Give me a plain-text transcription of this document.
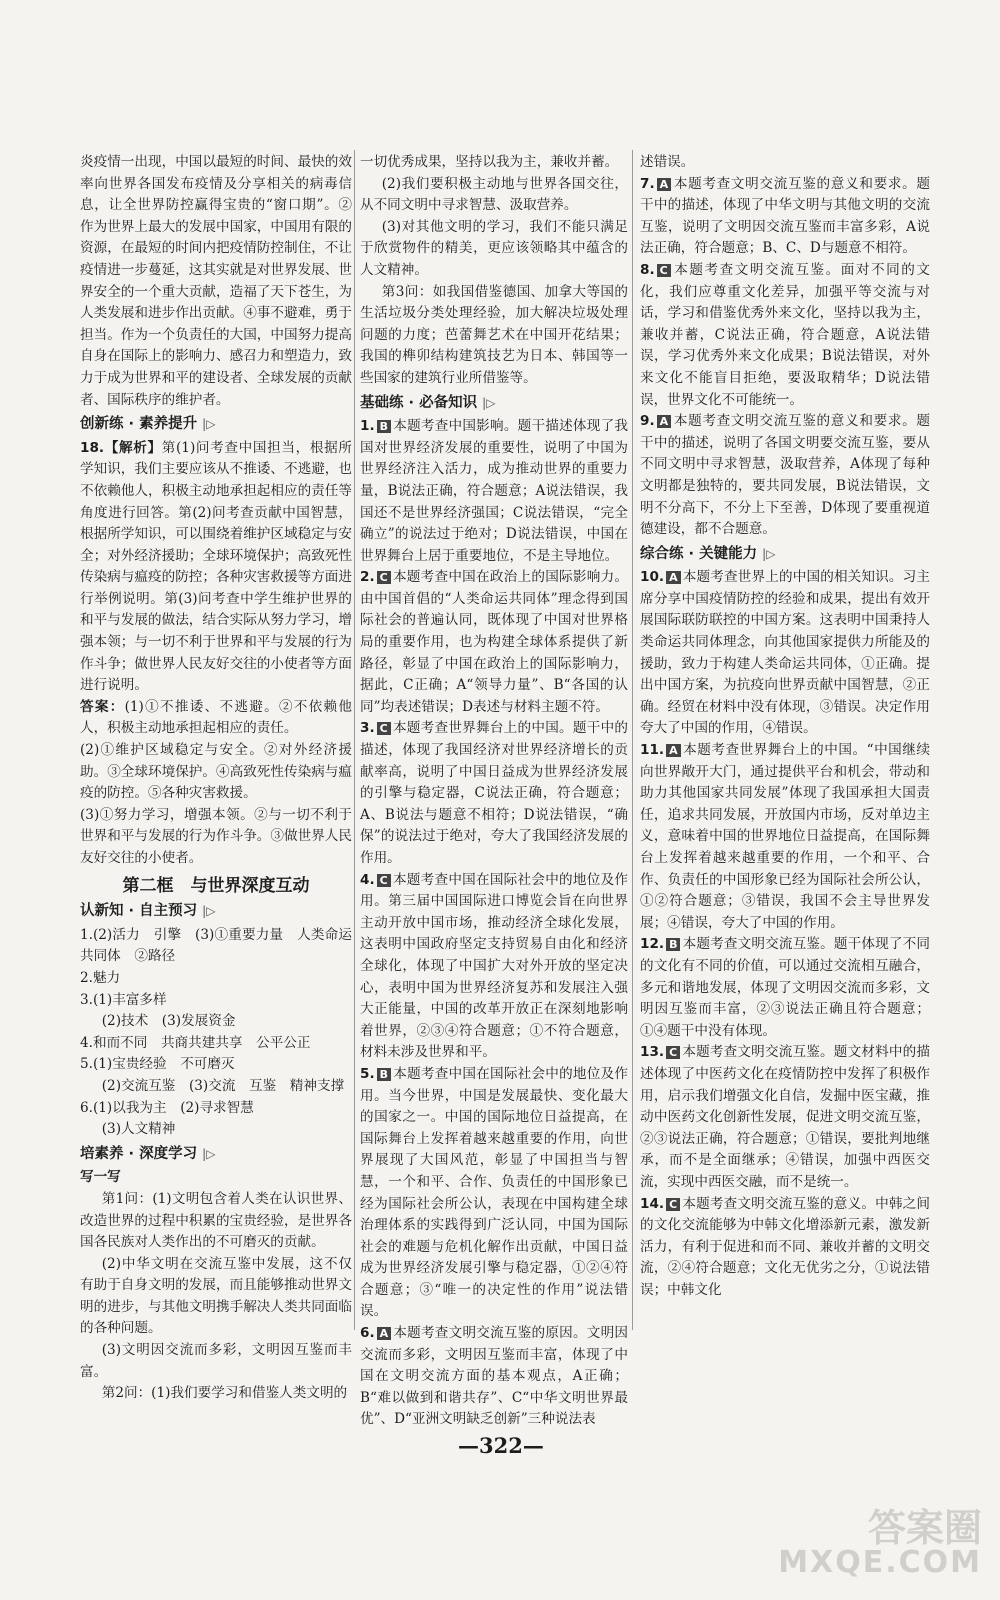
炎疫情一出现，中国以最短的时间、最快的效率向世界各国发布疫情及分享相关的病毒信息，让全世界防控赢得宝贵的“窗口期”。②作为世界上最大的发展中国家，中国用有限的资源，在最短的时间内把疫情防控制住，不让疫情进一步蔓延，这其实就是对世界发展、世界安全的一个重大贡献，造福了天下苍生，为人类发展和进步作出贡献。④事不避难，勇于担当。作为一个负责任的大国，中国努力提高自身在国际上的影响力、感召力和塑造力，致力于成为世界和平的建设者、全球发展的贡献者、国际秩序的维护者。

创新练 · 素养提升 |▷

18.【解析】第(1)问考查中国担当，根据所学知识，我们主要应该从不推诿、不逃避，也不依赖他人，积极主动地承担起相应的责任等角度进行回答。第(2)问考查贡献中国智慧，根据所学知识，可以围绕着维护区域稳定与安全；对外经济援助；全球环境保护；高致死性传染病与瘟疫的防控；各种灾害救援等方面进行举例说明。第(3)问考查中学生维护世界的和平与发展的做法，结合实际从努力学习，增强本领；与一切不利于世界和平与发展的行为作斗争；做世界人民友好交往的小使者等方面进行说明。

答案：(1)①不推诿、不逃避。②不依赖他人，积极主动地承担起相应的责任。

(2)①维护区域稳定与安全。②对外经济援助。③全球环境保护。④高致死性传染病与瘟疫的防控。⑤各种灾害救援。

(3)①努力学习，增强本领。②与一切不利于世界和平与发展的行为作斗争。③做世界人民友好交往的小使者。

第二框　与世界深度互动
认新知 · 自主预习 |▷

1.(2)活力　引擎　(3)①重要力量　人类命运共同体　②路径

2.魅力

3.(1)丰富多样

(2)技术　(3)发展资金

4.和而不同　共商共建共享　公平公正

5.(1)宝贵经验　不可磨灭

(2)交流互鉴　(3)交流　互鉴　精神支撑

6.(1)以我为主　(2)寻求智慧

(3)人文精神

培素养 · 深度学习 |▷

写一写

第1问：(1)文明包含着人类在认识世界、改造世界的过程中积累的宝贵经验，是世界各国各民族对人类作出的不可磨灭的贡献。

(2)中华文明在交流互鉴中发展，这不仅有助于自身文明的发展，而且能够推动世界文明的进步，与其他文明携手解决人类共同面临的各种问题。

(3)文明因交流而多彩，文明因互鉴而丰富。

第2问：(1)我们要学习和借鉴人类文明的

一切优秀成果，坚持以我为主，兼收并蓄。

(2)我们要积极主动地与世界各国交往，从不同文明中寻求智慧、汲取营养。

(3)对其他文明的学习，我们不能只满足于欣赏物件的精美，更应该领略其中蕴含的人文精神。

第3问：如我国借鉴德国、加拿大等国的生活垃圾分类处理经验，加大解决垃圾处理问题的力度；芭蕾舞艺术在中国开花结果；我国的榫卯结构建筑技艺为日本、韩国等一些国家的建筑行业所借鉴等。

基础练 · 必备知识 |▷

1. B 本题考查中国影响。题干描述体现了我国对世界经济发展的重要性，说明了中国为世界经济注入活力，成为推动世界的重要力量，B说法正确，符合题意；A说法错误，我国还不是世界经济强国；C说法错误，“完全确立”的说法过于绝对；D说法错误，中国在世界舞台上居于重要地位，不是主导地位。

2. C 本题考查中国在政治上的国际影响力。由中国首倡的“人类命运共同体”理念得到国际社会的普遍认同，既体现了中国对世界格局的重要作用，也为构建全球体系提供了新路径，彰显了中国在政治上的国际影响力，据此，C正确；A“领导力量”、B“各国的认同”均表述错误；D表述与材料主题不符。

3. C 本题考查世界舞台上的中国。题干中的描述，体现了我国经济对世界经济增长的贡献率高，说明了中国日益成为世界经济发展的引擎与稳定器，C说法正确，符合题意；A、B说法与题意不相符；D说法错误，“确保”的说法过于绝对，夸大了我国经济发展的作用。

4. C 本题考查中国在国际社会中的地位及作用。第三届中国国际进口博览会旨在向世界主动开放中国市场，推动经济全球化发展，这表明中国政府坚定支持贸易自由化和经济全球化，体现了中国扩大对外开放的坚定决心，表明中国为世界经济复苏和发展注入强大正能量，中国的改革开放正在深刻地影响着世界，②③④符合题意；①不符合题意，材料未涉及世界和平。

5. B 本题考查中国在国际社会中的地位及作用。当今世界，中国是发展最快、变化最大的国家之一。中国的国际地位日益提高，在国际舞台上发挥着越来越重要的作用，向世界展现了大国风范，彰显了中国担当与智慧，一个和平、合作、负责任的中国形象已经为国际社会所公认，表现在中国构建全球治理体系的实践得到广泛认同，中国为国际社会的难题与危机化解作出贡献，中国日益成为世界经济发展引擎与稳定器，①②④符合题意；③“唯一的决定性的作用”说法错误。

6. A 本题考查文明交流互鉴的原因。文明因交流而多彩，文明因互鉴而丰富，体现了中国在文明交流方面的基本观点，A正确；B“难以做到和谐共存”、C“中华文明世界最优”、D“亚洲文明缺乏创新”三种说法表

述错误。

7. A 本题考查文明交流互鉴的意义和要求。题干中的描述，体现了中华文明与其他文明的交流互鉴，说明了文明因交流互鉴而丰富多彩，A说法正确，符合题意；B、C、D与题意不相符。

8. C 本题考查文明交流互鉴。面对不同的文化，我们应尊重文化差异，加强平等交流与对话，学习和借鉴优秀外来文化，坚持以我为主，兼收并蓄，C说法正确，符合题意，A说法错误，学习优秀外来文化成果；B说法错误，对外来文化不能盲目拒绝，要汲取精华；D说法错误，世界文化不可能统一。

9. A 本题考查文明交流互鉴的意义和要求。题干中的描述，说明了各国文明要交流互鉴，要从不同文明中寻求智慧，汲取营养，A体现了每种文明都是独特的，要共同发展，B说法错误，文明不分高下，不分上下至善，D体现了要重视道德建设，都不合题意。

综合练 · 关键能力 |▷

10. A 本题考查世界上的中国的相关知识。习主席分享中国疫情防控的经验和成果，提出有效开展国际联防联控的中国方案。这表明中国秉持人类命运共同体理念，向其他国家提供力所能及的援助，致力于构建人类命运共同体，①正确。提出中国方案，为抗疫向世界贡献中国智慧，②正确。经贸在材料中没有体现，③错误。决定作用夸大了中国的作用，④错误。

11. A 本题考查世界舞台上的中国。“中国继续向世界敞开大门，通过提供平台和机会，带动和助力其他国家共同发展”体现了我国承担大国责任，追求共同发展，开放国内市场，反对单边主义，意味着中国的世界地位日益提高，在国际舞台上发挥着越来越重要的作用，一个和平、合作、负责任的中国形象已经为国际社会所公认，①②符合题意；③错误，我国不会主导世界发展；④错误，夸大了中国的作用。

12. B 本题考查文明交流互鉴。题干体现了不同的文化有不同的价值，可以通过交流相互融合，多元和谐地发展，体现了文明因交流而多彩，文明因互鉴而丰富，②③说法正确且符合题意；①④题干中没有体现。

13. C 本题考查文明交流互鉴。题文材料中的描述体现了中医药文化在疫情防控中发挥了积极作用，启示我们增强文化自信，发掘中医宝藏，推动中医药文化创新性发展，促进文明交流互鉴，②③说法正确，符合题意；①错误，要批判地继承，而不是全面继承；④错误，加强中西医交流，实现中西医交融，而不是统一。

14. C 本题考查文明交流互鉴的意义。中韩之间的文化交流能够为中韩文化增添新元素，激发新活力，有利于促进和而不同、兼收并蓄的文明交流，②④符合题意；文化无优劣之分，①说法错误；中韩文化

—322—
答案圈
MXQE.COM
